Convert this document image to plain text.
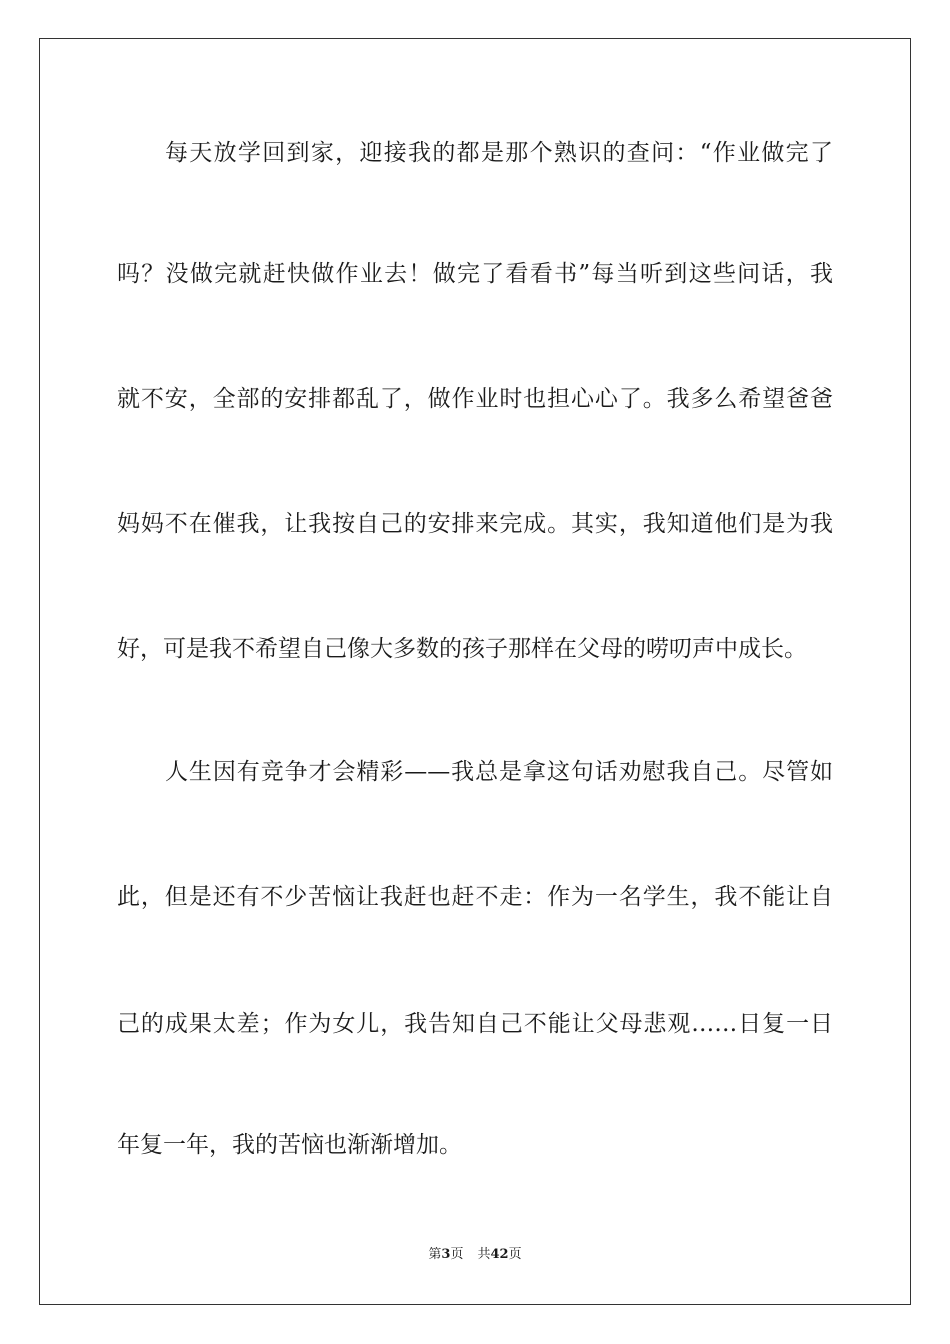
每天放学回到家，迎接我的都是那个熟识的查问：“作业做完了
吗？没做完就赶快做作业去！做完了看看书”每当听到这些问话，我
就不安，全部的安排都乱了，做作业时也担心心了。我多么希望爸爸
妈妈不在催我，让我按自己的安排来完成。其实，我知道他们是为我
好，可是我不希望自己像大多数的孩子那样在父母的唠叨声中成长。
人生因有竞争才会精彩——我总是拿这句话劝慰我自己。尽管如
此，但是还有不少苦恼让我赶也赶不走：作为一名学生，我不能让自
己的成果太差；作为女儿，我告知自己不能让父母悲观……日复一日
年复一年，我的苦恼也渐渐增加。
第3页 共42页
